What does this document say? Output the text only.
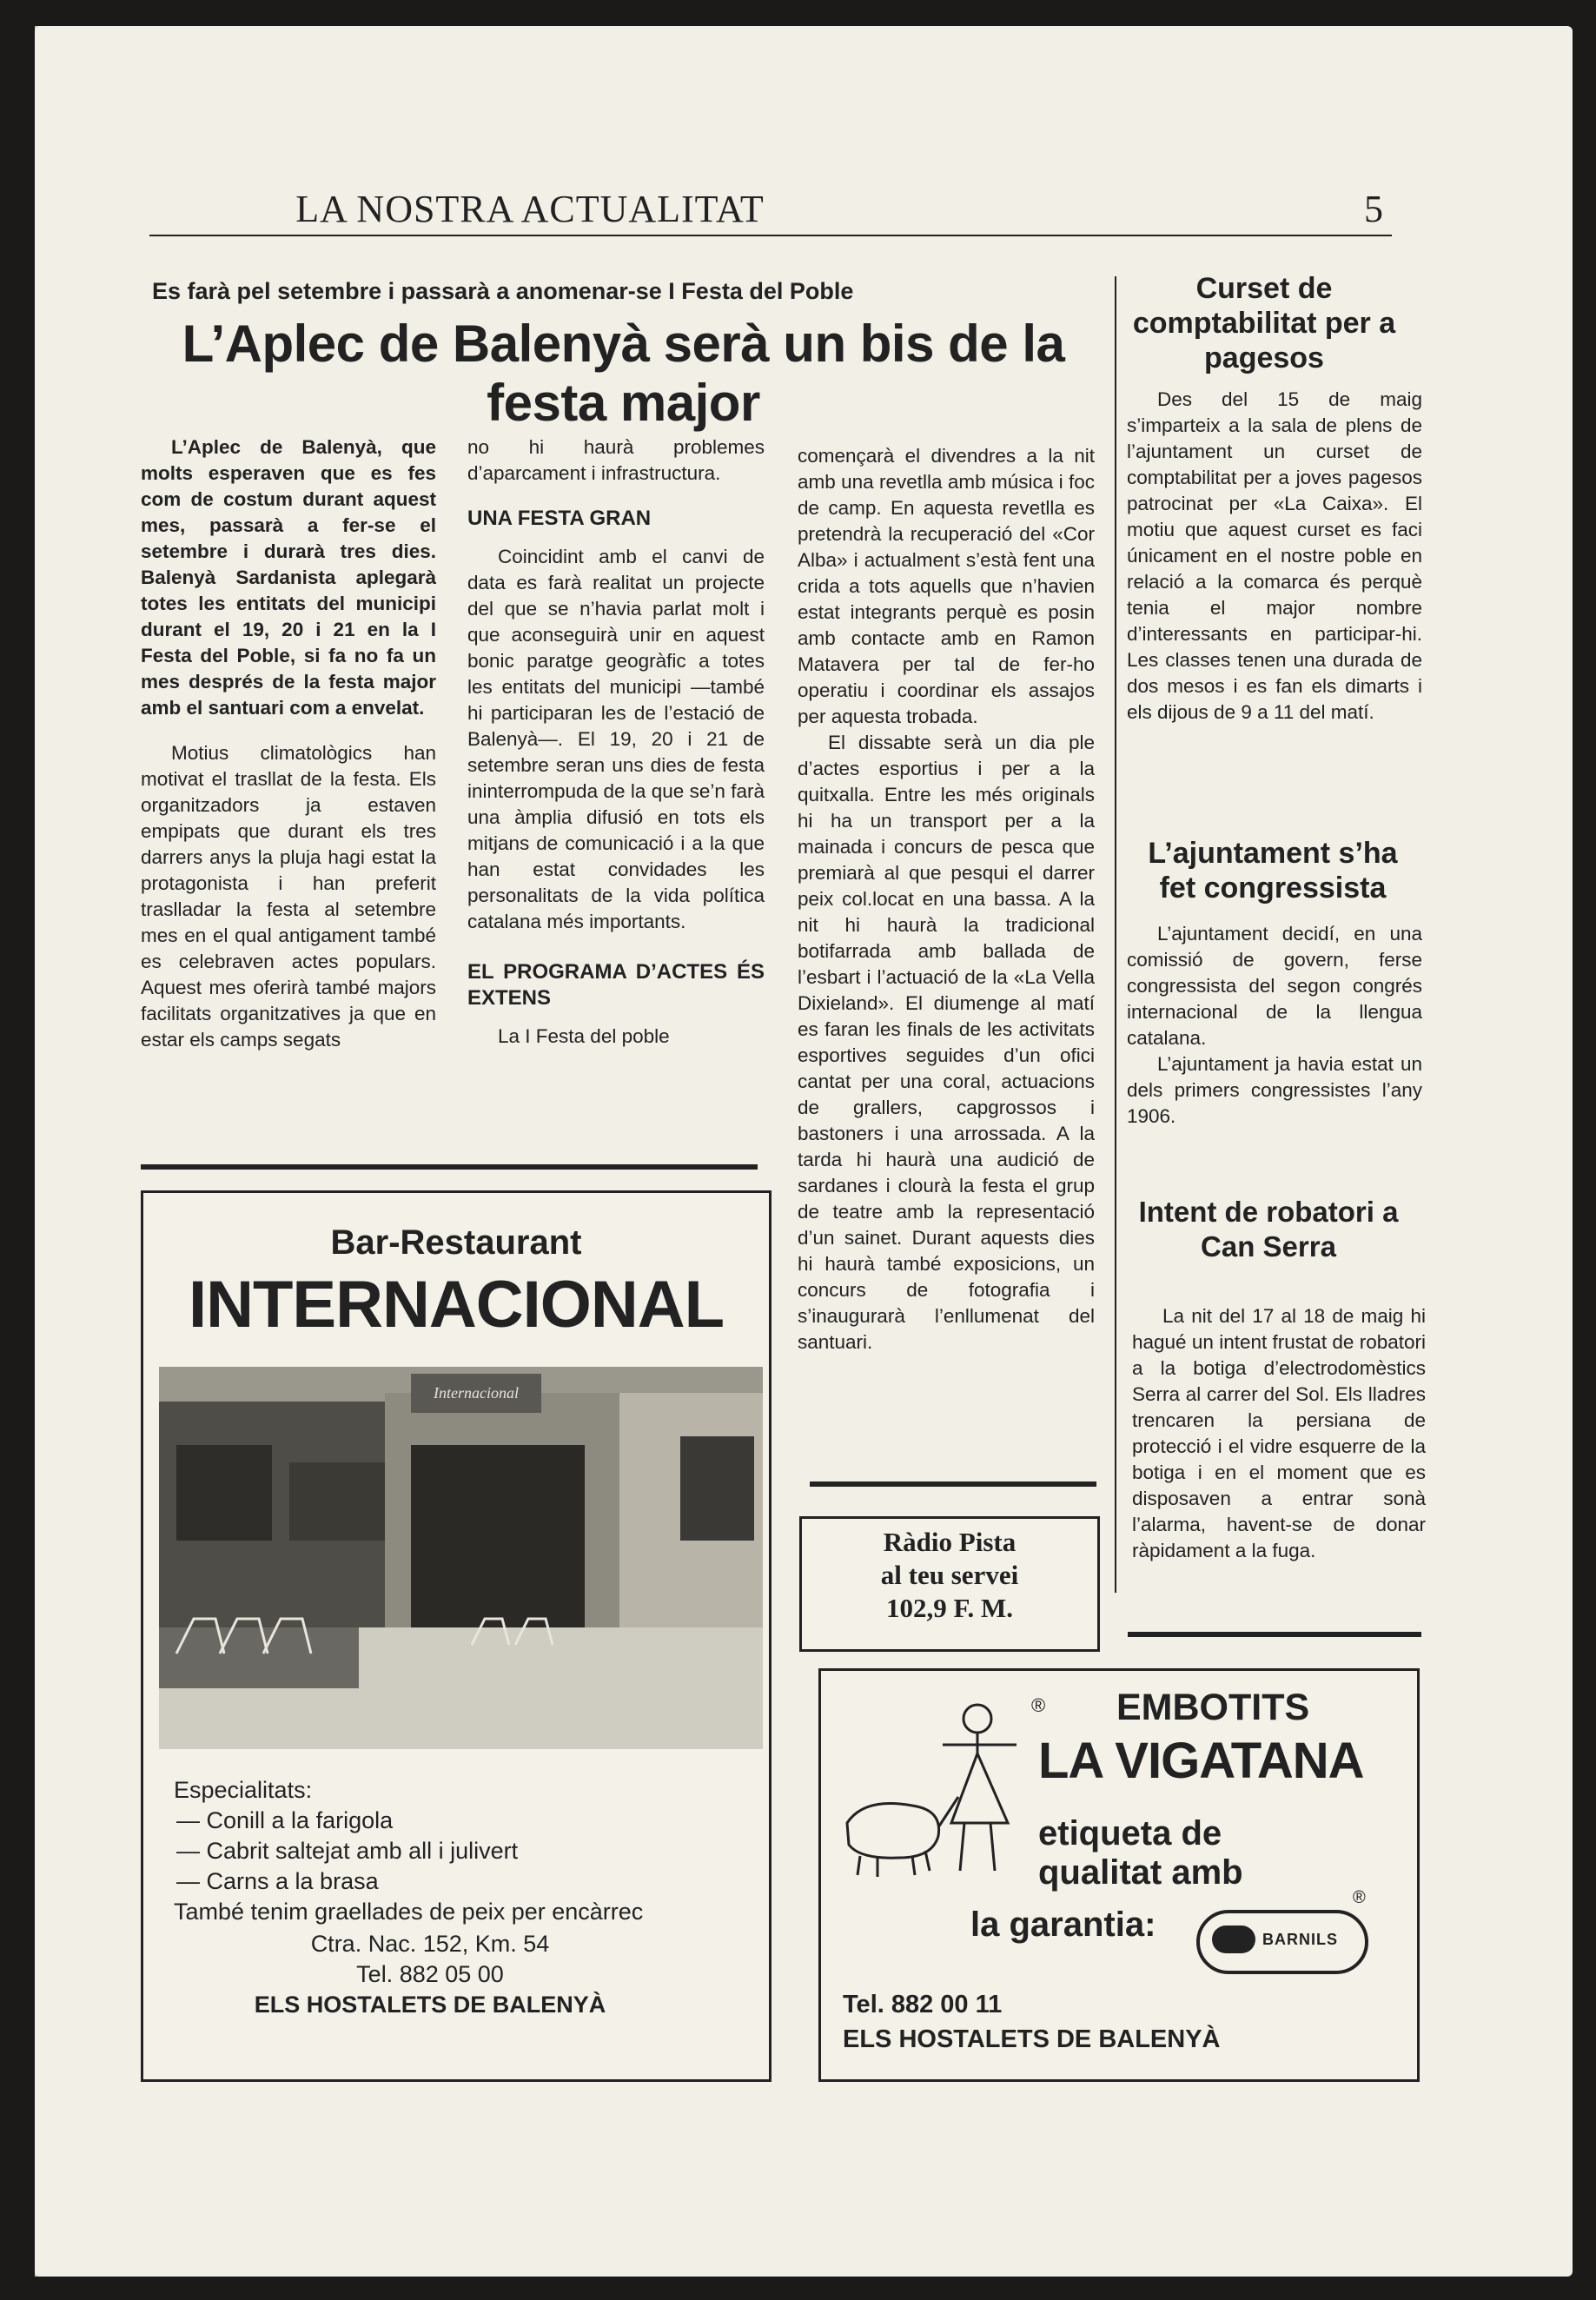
LA NOSTRA ACTUALITAT	5
Es farà pel setembre i passarà a anomenar-se I Festa del Poble
L’Aplec de Balenyà serà un bis de la festa major

L’Aplec de Balenyà, que molts esperaven que es fes com de costum durant aquest mes, passarà a fer-se el setembre i durarà tres dies. Balenyà Sardanista aplegarà totes les entitats del municipi durant el 19, 20 i 21 en la I Festa del Poble, si fa no fa un mes després de la festa major amb el santuari com a envelat.

Motius climatològics han motivat el trasllat de la festa. Els organitzadors ja estaven empipats que durant els tres darrers anys la pluja hagi estat la protagonista i han preferit traslladar la festa al setembre mes en el qual antigament també es celebraven actes populars. Aquest mes oferirà també majors facilitats organitzatives ja que en estar els camps segats

no hi haurà problemes d’aparcament i infrastructura.

UNA FESTA GRAN

Coincidint amb el canvi de data es farà realitat un projecte del que se n’havia parlat molt i que aconseguirà unir en aquest bonic paratge geogràfic a totes les entitats del municipi —també hi participaran les de l’estació de Balenyà—. El 19, 20 i 21 de setembre seran uns dies de festa ininterrompuda de la que se’n farà una àmplia difusió en tots els mitjans de comunicació i a la que han estat convidades les personalitats de la vida política catalana més importants.

EL PROGRAMA D’ACTES ÉS EXTENS

La I Festa del poble

començarà el divendres a la nit amb una revetlla amb música i foc de camp. En aquesta revetlla es pretendrà la recuperació del «Cor Alba» i actualment s’està fent una crida a tots aquells que n’havien estat integrants perquè es posin amb contacte amb en Ramon Matavera per tal de fer-ho operatiu i coordinar els assajos per aquesta trobada.

El dissabte serà un dia ple d’actes esportius i per a la quitxalla. Entre les més originals hi ha un transport per a la mainada i concurs de pesca que premiarà al que pesqui el darrer peix col.locat en una bassa. A la nit hi haurà la tradicional botifarrada amb ballada de l’esbart i l’actuació de la «La Vella Dixieland». El diumenge al matí es faran les finals de les activitats esportives seguides d’un ofici cantat per una coral, actuacions de grallers, capgrossos i bastoners i una arrossada. A la tarda hi haurà una audició de sardanes i clourà la festa el grup de teatre amb la representació d’un sainet. Durant aquests dies hi haurà també exposicions, un concurs de fotografia i s’inaugurarà l’enllumenat del santuari.

Curset de comptabilitat per a pagesos

Des del 15 de maig s’imparteix a la sala de plens de l’ajuntament un curset de comptabilitat per a joves pagesos patrocinat per «La Caixa». El motiu que aquest curset es faci únicament en el nostre poble en relació a la comarca és perquè tenia el major nombre d’interessants en participar-hi. Les classes tenen una durada de dos mesos i es fan els dimarts i els dijous de 9 a 11 del matí.

L’ajuntament s’ha fet congressista

L’ajuntament decidí, en una comissió de govern, ferse congressista del segon congrés internacional de la llengua catalana.

L’ajuntament ja havia estat un dels primers congressistes l’any 1906.

Intent de robatori a Can Serra

La nit del 17 al 18 de maig hi hagué un intent frustat de robatori a la botiga d’electrodomèstics Serra al carrer del Sol. Els lladres trencaren la persiana de protecció i el vidre esquerre de la botiga i en el moment que es disposaven a entrar sonà l’alarma, havent-se de donar ràpidament a la fuga.

Bar-Restaurant
INTERNACIONAL
Internacional
Especialitats:
— Conill a la farigola
— Cabrit saltejat amb all i julivert
— Carns a la brasa
També tenim graellades de peix per encàrrec
Ctra. Nac. 152, Km. 54
Tel. 882 05 00
ELS HOSTALETS DE BALENYÀ
Ràdio Pista
al teu servei
102,9 F. M.
® EMBOTITS
LA VIGATANA
etiqueta de
qualitat amb
la garantia:	BARNILS
®
Tel. 882 00 11
ELS HOSTALETS DE BALENYÀ
